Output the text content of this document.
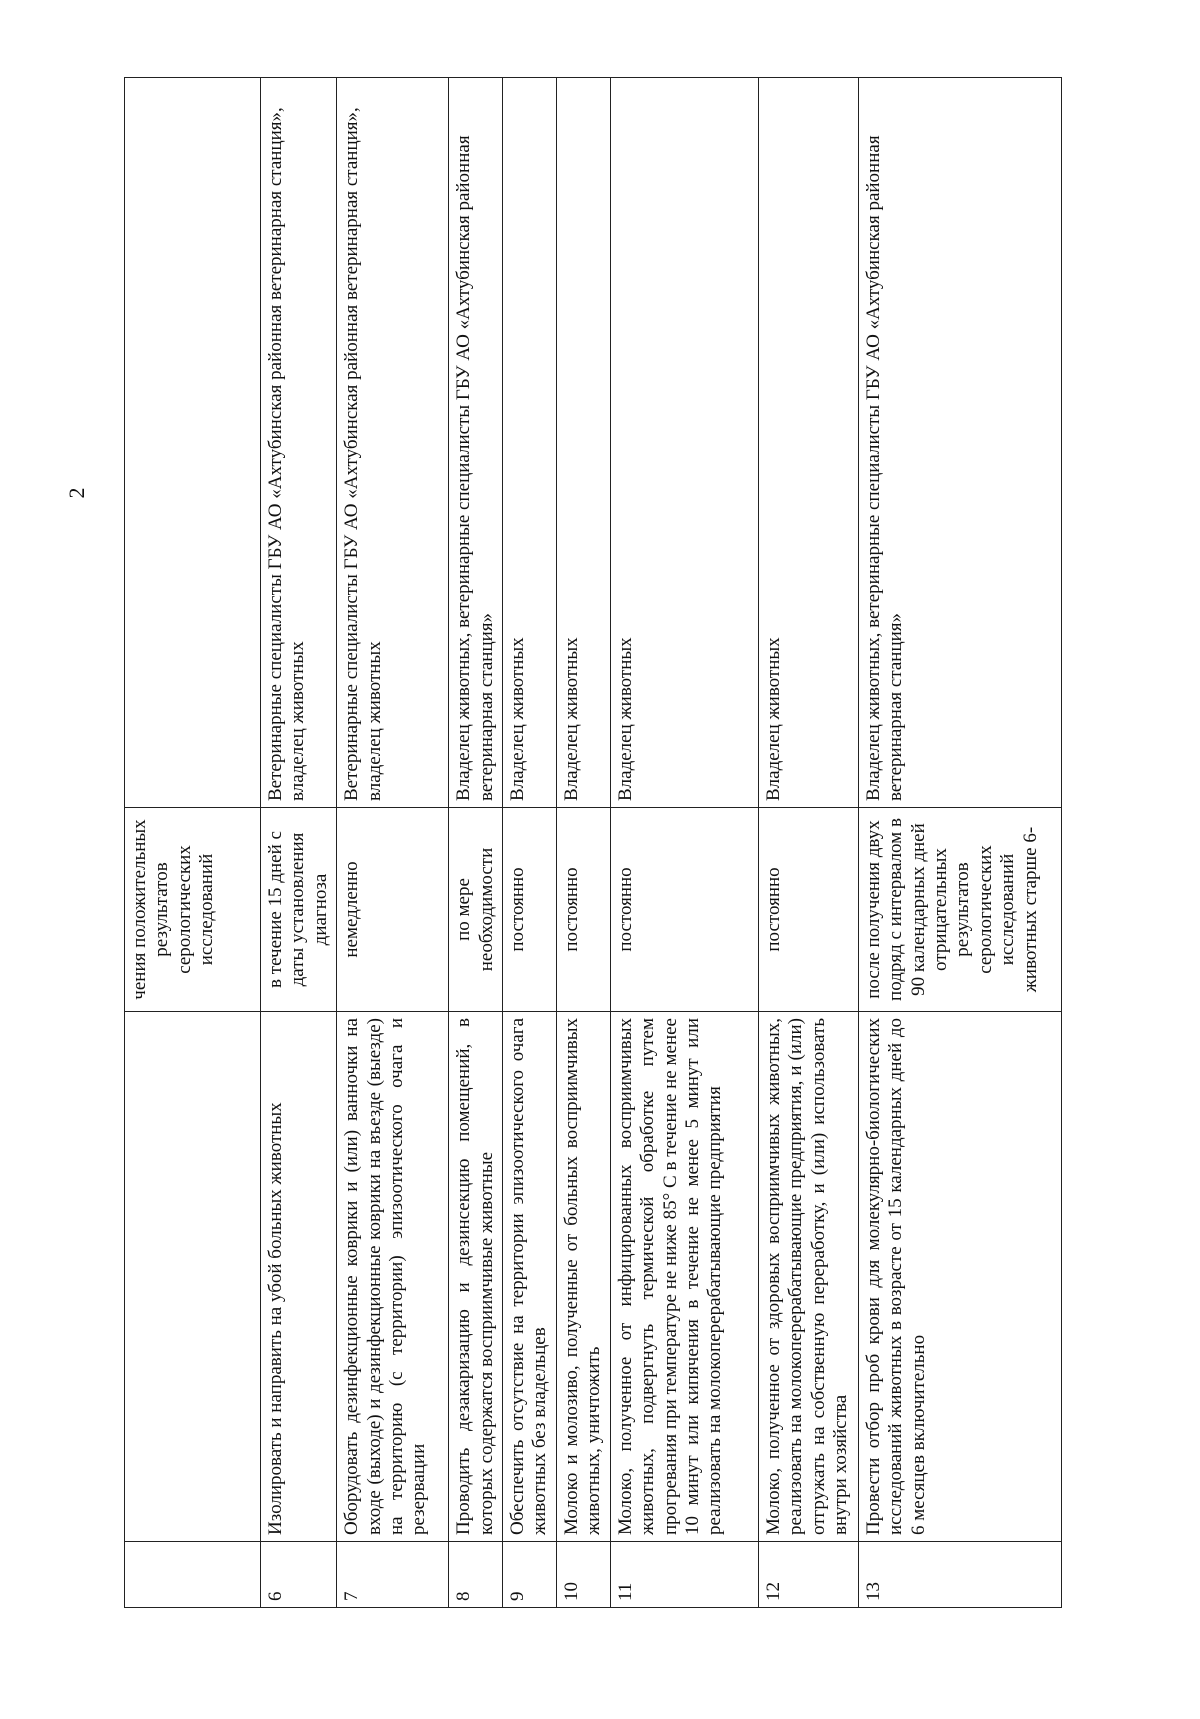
2
		чения положительных результатов серологических исследований	
6	Изолировать и направить на убой больных животных	в течение 15 дней с даты установления диагноза	Ветеринарные специалисты ГБУ АО «Ахтубинская районная ветеринарная станция», владелец животных
7	Оборудовать дезинфекционные коврики и (или) ванночки на входе (выходе) и дезинфекционные коврики на въезде (выезде) на территорию (с территории) эпизоотического очага и резервации	немедленно	Ветеринарные специалисты ГБУ АО «Ахтубинская районная ветеринарная станция», владелец животных
8	Проводить дезакаризацию и дезинсекцию помещений, в которых содержатся восприимчивые животные	по мере необходимости	Владелец животных, ветеринарные специалисты ГБУ АО «Ахтубинская районная ветеринарная станция»
9	Обеспечить отсутствие на территории эпизоотического очага животных без владельцев	постоянно	Владелец животных
10	Молоко и молозиво, полученные от больных восприимчивых животных, уничтожить	постоянно	Владелец животных
11	Молоко, полученное от инфицированных восприимчивых животных, подвергнуть термической обработке путем прогревания при температуре не ниже 85° С в течение не менее 10 минут или кипячения в течение не менее 5 минут или реализовать на молокоперерабатывающие предприятия	постоянно	Владелец животных
12	Молоко, полученное от здоровых восприимчивых животных, реализовать на молокоперерабатывающие предприятия, и (или) отгружать на собственную переработку, и (или) использовать внутри хозяйства	постоянно	Владелец животных
13	Провести отбор проб крови для молекулярно-биологических исследований животных в возрасте от 15 календарных дней до 6 месяцев включительно	после получения двух подряд с интервалом в 90 календарных дней отрицательных результатов серологических исследований животных старше 6-	Владелец животных, ветеринарные специалисты ГБУ АО «Ахтубинская районная ветеринарная станция»
